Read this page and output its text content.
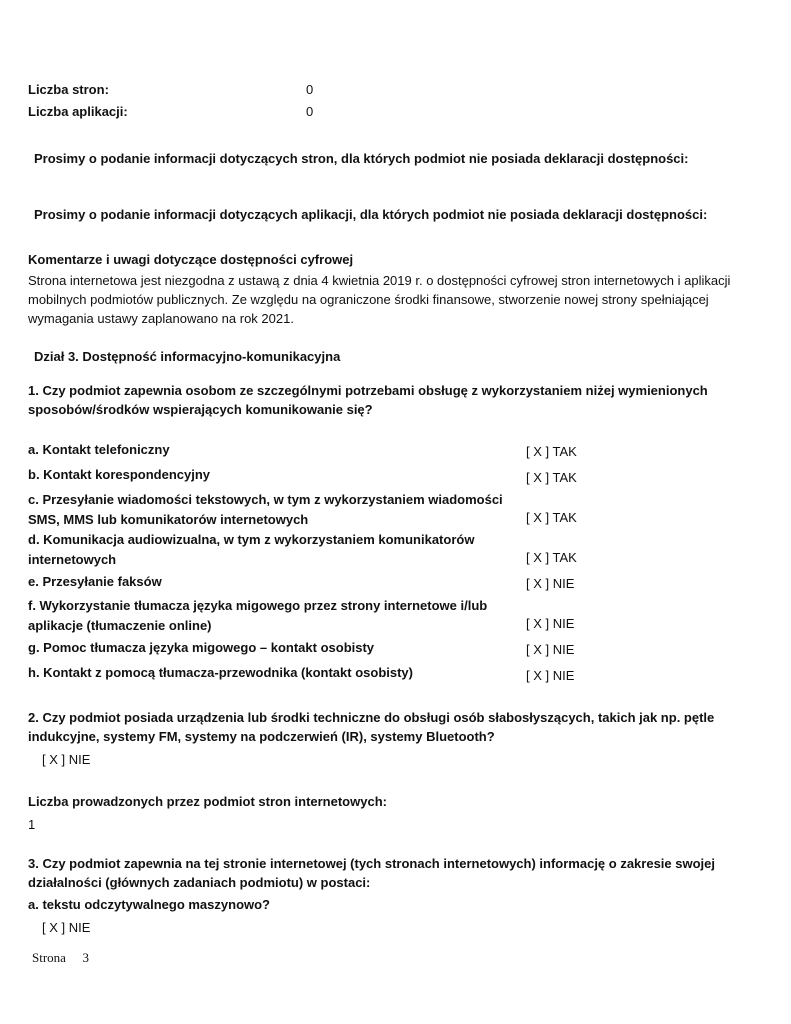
Liczba stron:	0
Liczba aplikacji:	0
Prosimy o podanie informacji dotyczących stron, dla których podmiot nie posiada deklaracji dostępności:
Prosimy o podanie informacji dotyczących aplikacji, dla których podmiot nie posiada deklaracji dostępności:
Komentarze i uwagi dotyczące dostępności cyfrowej
Strona internetowa jest niezgodna z ustawą z dnia 4 kwietnia 2019 r. o dostępności cyfrowej stron internetowych i aplikacji
mobilnych podmiotów publicznych. Ze względu na ograniczone środki finansowe, stworzenie nowej strony spełniającej
wymagania ustawy zaplanowano na rok 2021.
Dział 3. Dostępność informacyjno-komunikacyjna
1. Czy podmiot zapewnia osobom ze szczególnymi potrzebami obsługę z wykorzystaniem niżej wymienionych
sposobów/środków wspierających komunikowanie się?
a. Kontakt telefoniczny	[ X ] TAK
b. Kontakt korespondencyjny	[ X ] TAK
c. Przesyłanie wiadomości tekstowych, w tym z wykorzystaniem wiadomości
SMS, MMS lub komunikatorów internetowych	[ X ] TAK
d. Komunikacja audiowizualna, w tym z wykorzystaniem komunikatorów
internetowych	[ X ] TAK
e. Przesyłanie faksów	[ X ] NIE
f. Wykorzystanie tłumacza języka migowego przez strony internetowe i/lub
aplikacje (tłumaczenie online)	[ X ] NIE
g. Pomoc tłumacza języka migowego – kontakt osobisty	[ X ] NIE
h. Kontakt z pomocą tłumacza-przewodnika (kontakt osobisty)	[ X ] NIE
2. Czy podmiot posiada urządzenia lub środki techniczne do obsługi osób słabosłyszących, takich jak np. pętle
indukcyjne, systemy FM, systemy na podczerwień (IR), systemy Bluetooth?
[ X ] NIE
Liczba prowadzonych przez podmiot stron internetowych:
1
3. Czy podmiot zapewnia na tej stronie internetowej (tych stronach internetowych) informację o zakresie swojej
działalności (głównych zadaniach podmiotu) w postaci:
a. tekstu odczytywalnego maszynowo?
[ X ] NIE
Strona 3
